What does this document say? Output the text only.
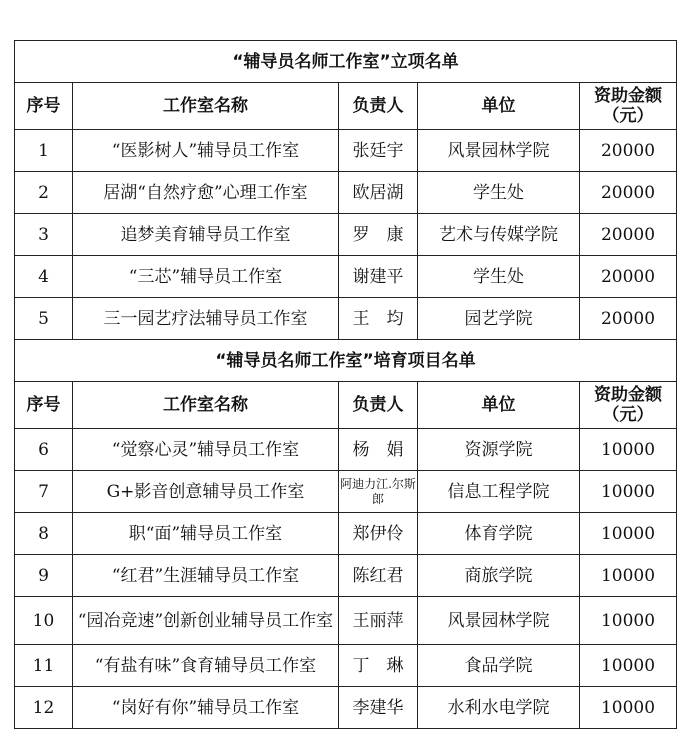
“辅导员名师工作室”立项名单				
序号	工作室名称	负责人	单位	资助金额（元）
1	“医影树人”辅导员工作室	张廷宇	风景园林学院	20000
2	居湖“自然疗愈”心理工作室	欧居湖	学生处	20000
3	追梦美育辅导员工作室	罗　康	艺术与传媒学院	20000
4	“三芯”辅导员工作室	谢建平	学生处	20000
5	三一园艺疗法辅导员工作室	王　均	园艺学院	20000
“辅导员名师工作室”培育项目名单				
序号	工作室名称	负责人	单位	资助金额（元）
6	“觉察心灵”辅导员工作室	杨　娟	资源学院	10000
7	G+影音创意辅导员工作室	阿迪力江.尔斯郎	信息工程学院	10000
8	职“面”辅导员工作室	郑伊伶	体育学院	10000
9	“红君”生涯辅导员工作室	陈红君	商旅学院	10000
10	“园冶竞速”创新创业辅导员工作室	王丽萍	风景园林学院	10000
11	“有盐有味”食育辅导员工作室	丁　琳	食品学院	10000
12	“岗好有你”辅导员工作室	李建华	水利水电学院	10000
